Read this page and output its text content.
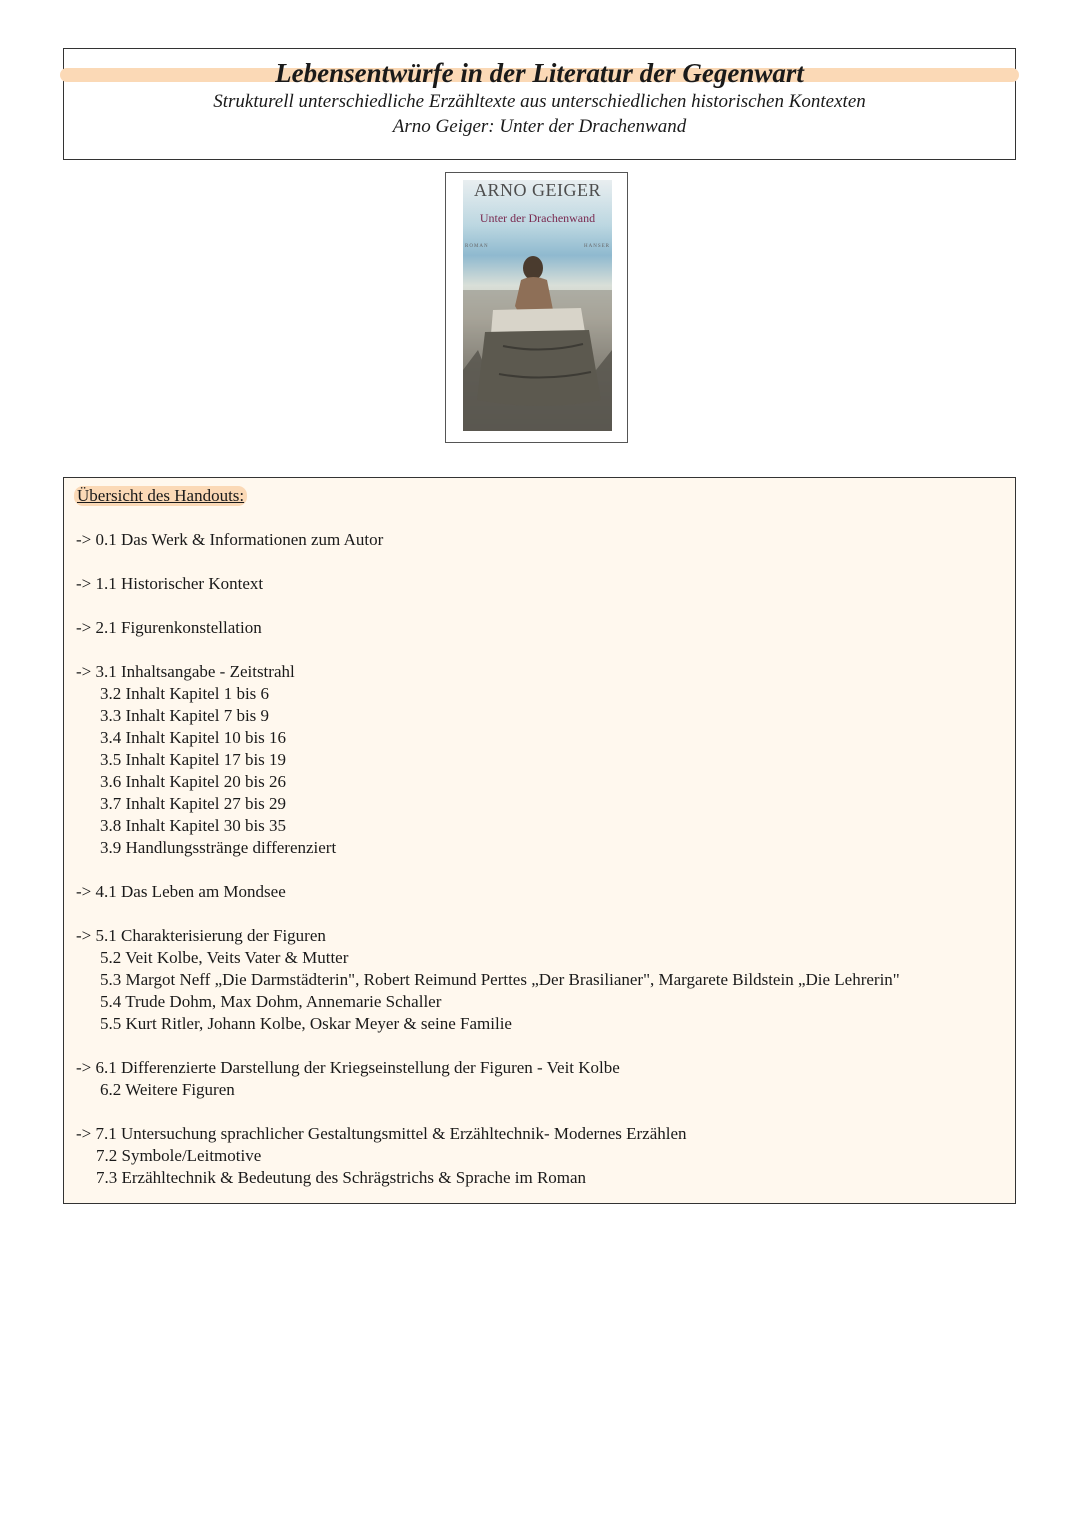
Lebensentwürfe in der Literatur der Gegenwart
Strukturell unterschiedliche Erzähltexte aus unterschiedlichen historischen Kontexten
Arno Geiger: Unter der Drachenwand
ARNO GEIGER
Unter der Drachenwand
ROMAN	HANSER
Übersicht des Handouts:
-> 0.1 Das Werk & Informationen zum Autor
-> 1.1 Historischer Kontext
-> 2.1 Figurenkonstellation
-> 3.1 Inhaltsangabe - Zeitstrahl
3.2 Inhalt Kapitel 1 bis 6
3.3 Inhalt Kapitel 7 bis 9
3.4 Inhalt Kapitel 10 bis 16
3.5 Inhalt Kapitel 17 bis 19
3.6 Inhalt Kapitel 20 bis 26
3.7 Inhalt Kapitel 27 bis 29
3.8 Inhalt Kapitel 30 bis 35
3.9 Handlungsstränge differenziert
-> 4.1 Das Leben am Mondsee
-> 5.1 Charakterisierung der Figuren
5.2 Veit Kolbe, Veits Vater & Mutter
5.3 Margot Neff „Die Darmstädterin", Robert Reimund Perttes „Der Brasilianer", Margarete Bildstein „Die Lehrerin"
5.4 Trude Dohm, Max Dohm, Annemarie Schaller
5.5 Kurt Ritler, Johann Kolbe, Oskar Meyer & seine Familie
-> 6.1 Differenzierte Darstellung der Kriegseinstellung der Figuren - Veit Kolbe
6.2 Weitere Figuren
-> 7.1 Untersuchung sprachlicher Gestaltungsmittel & Erzähltechnik- Modernes Erzählen
7.2 Symbole/Leitmotive
7.3 Erzähltechnik & Bedeutung des Schrägstrichs & Sprache im Roman
